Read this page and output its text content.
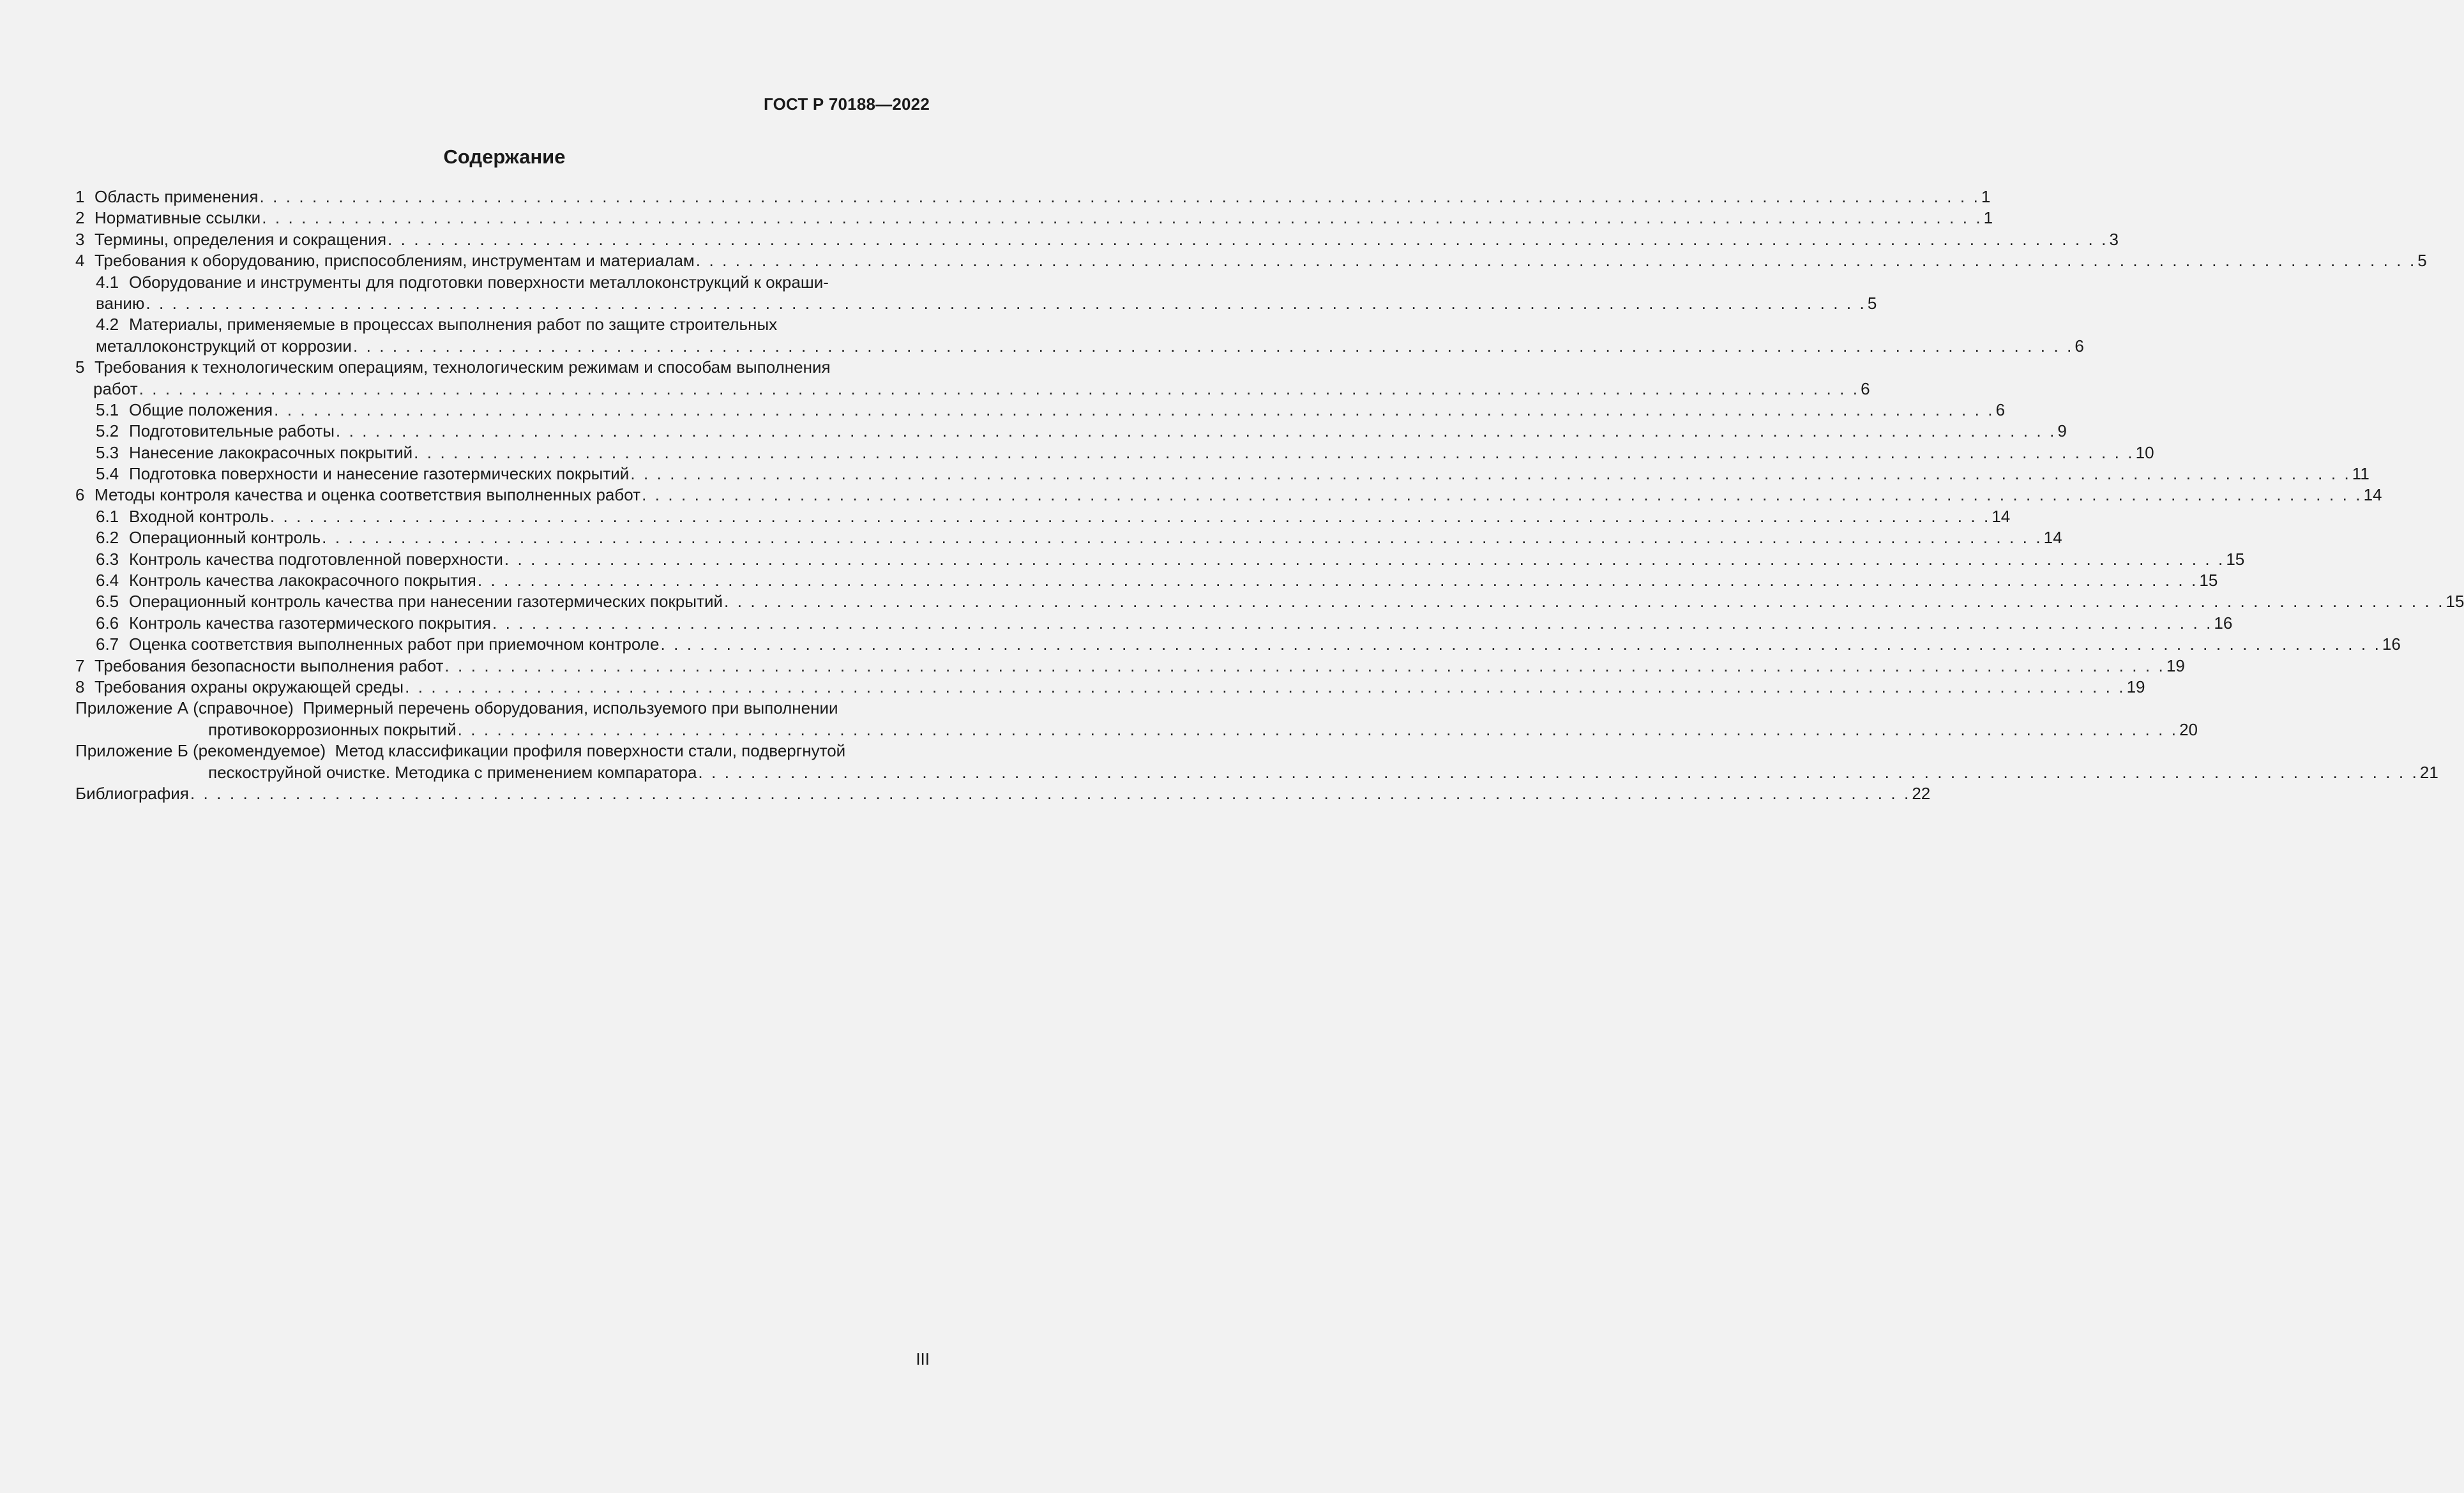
ГОСТ Р 70188—2022
Содержание
1 Область применения . . .	1
2 Нормативные ссылки . . .	1
3 Термины, определения и сокращения . . .	3
4 Требования к оборудованию, приспособлениям, инструментам и материалам . . .	5
4.1 Оборудование и инструменты для подготовки поверхности металлоконструкций к окраши-
ванию . . .	5
4.2 Материалы, применяемые в процессах выполнения работ по защите строительных
металлоконструкций от коррозии . . .	6
5 Требования к технологическим операциям, технологическим режимам и способам выполнения
работ . . .	6
5.1 Общие положения . . .	6
5.2 Подготовительные работы . . .	9
5.3 Нанесение лакокрасочных покрытий . . .	10
5.4 Подготовка поверхности и нанесение газотермических покрытий . . .	11
6 Методы контроля качества и оценка соответствия выполненных работ . . .	14
6.1 Входной контроль . . .	14
6.2 Операционный контроль . . .	14
6.3 Контроль качества подготовленной поверхности . . .	15
6.4 Контроль качества лакокрасочного покрытия . . .	15
6.5 Операционный контроль качества при нанесении газотермических покрытий . . .	15
6.6 Контроль качества газотермического покрытия . . .	16
6.7 Оценка соответствия выполненных работ при приемочном контроле . . .	16
7 Требования безопасности выполнения работ . . .	19
8 Требования охраны окружающей среды . . .	19
Приложение А (справочное)  Примерный перечень оборудования, используемого при выполнении
противокоррозионных покрытий . . .	20
Приложение Б (рекомендуемое)  Метод классификации профиля поверхности стали, подвергнутой
пескоструйной очистке. Методика с применением компаратора . . .	21
Библиография . . .	22
III
